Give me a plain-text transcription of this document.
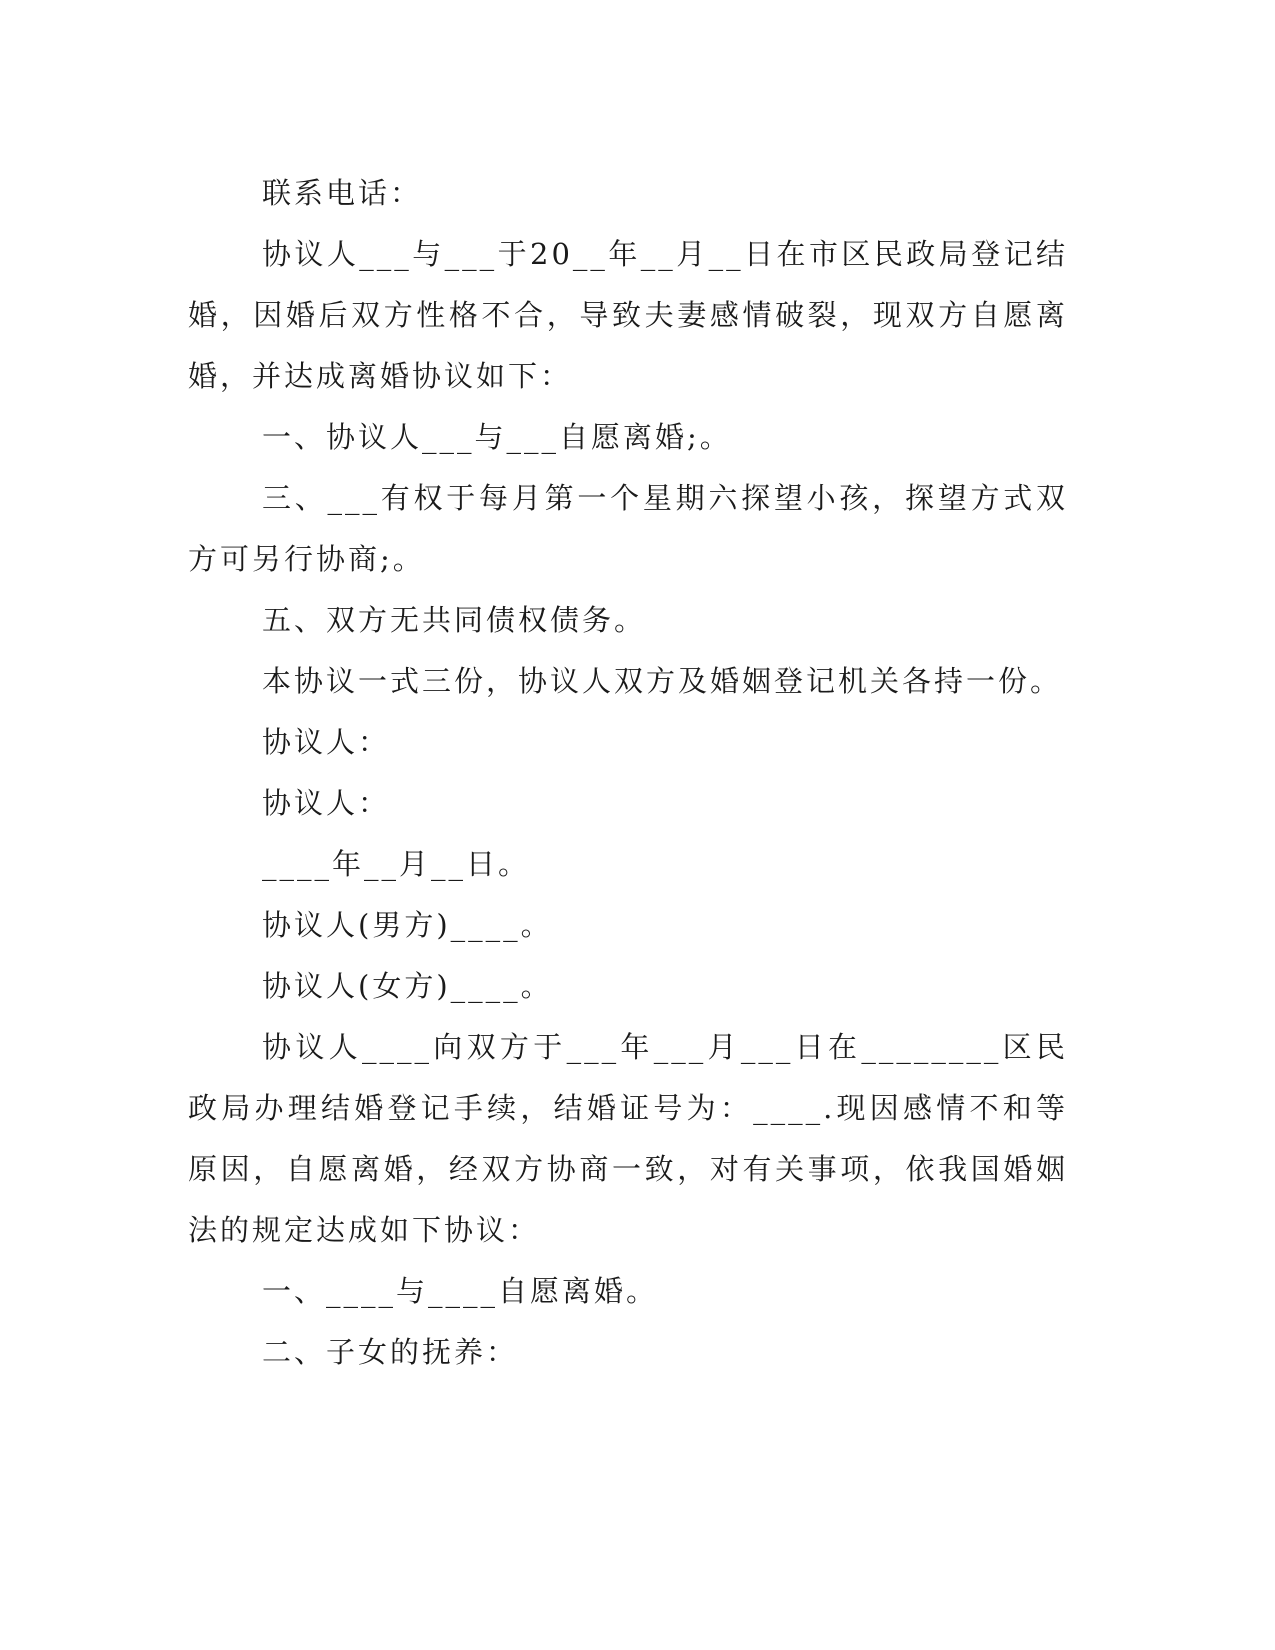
联系电话：

协议人___与___于20__年__月__日在市区民政局登记结婚，因婚后双方性格不合，导致夫妻感情破裂，现双方自愿离婚，并达成离婚协议如下：

一、协议人___与___自愿离婚;。

三、___有权于每月第一个星期六探望小孩，探望方式双方可另行协商;。

五、双方无共同债权债务。

本协议一式三份，协议人双方及婚姻登记机关各持一份。

协议人：

协议人：

____年__月__日。

协议人(男方)____。

协议人(女方)____。

协议人____向双方于___年___月___日在________区民政局办理结婚登记手续，结婚证号为：____.现因感情不和等原因，自愿离婚，经双方协商一致，对有关事项，依我国婚姻法的规定达成如下协议：

一、____与____自愿离婚。

二、子女的抚养：
